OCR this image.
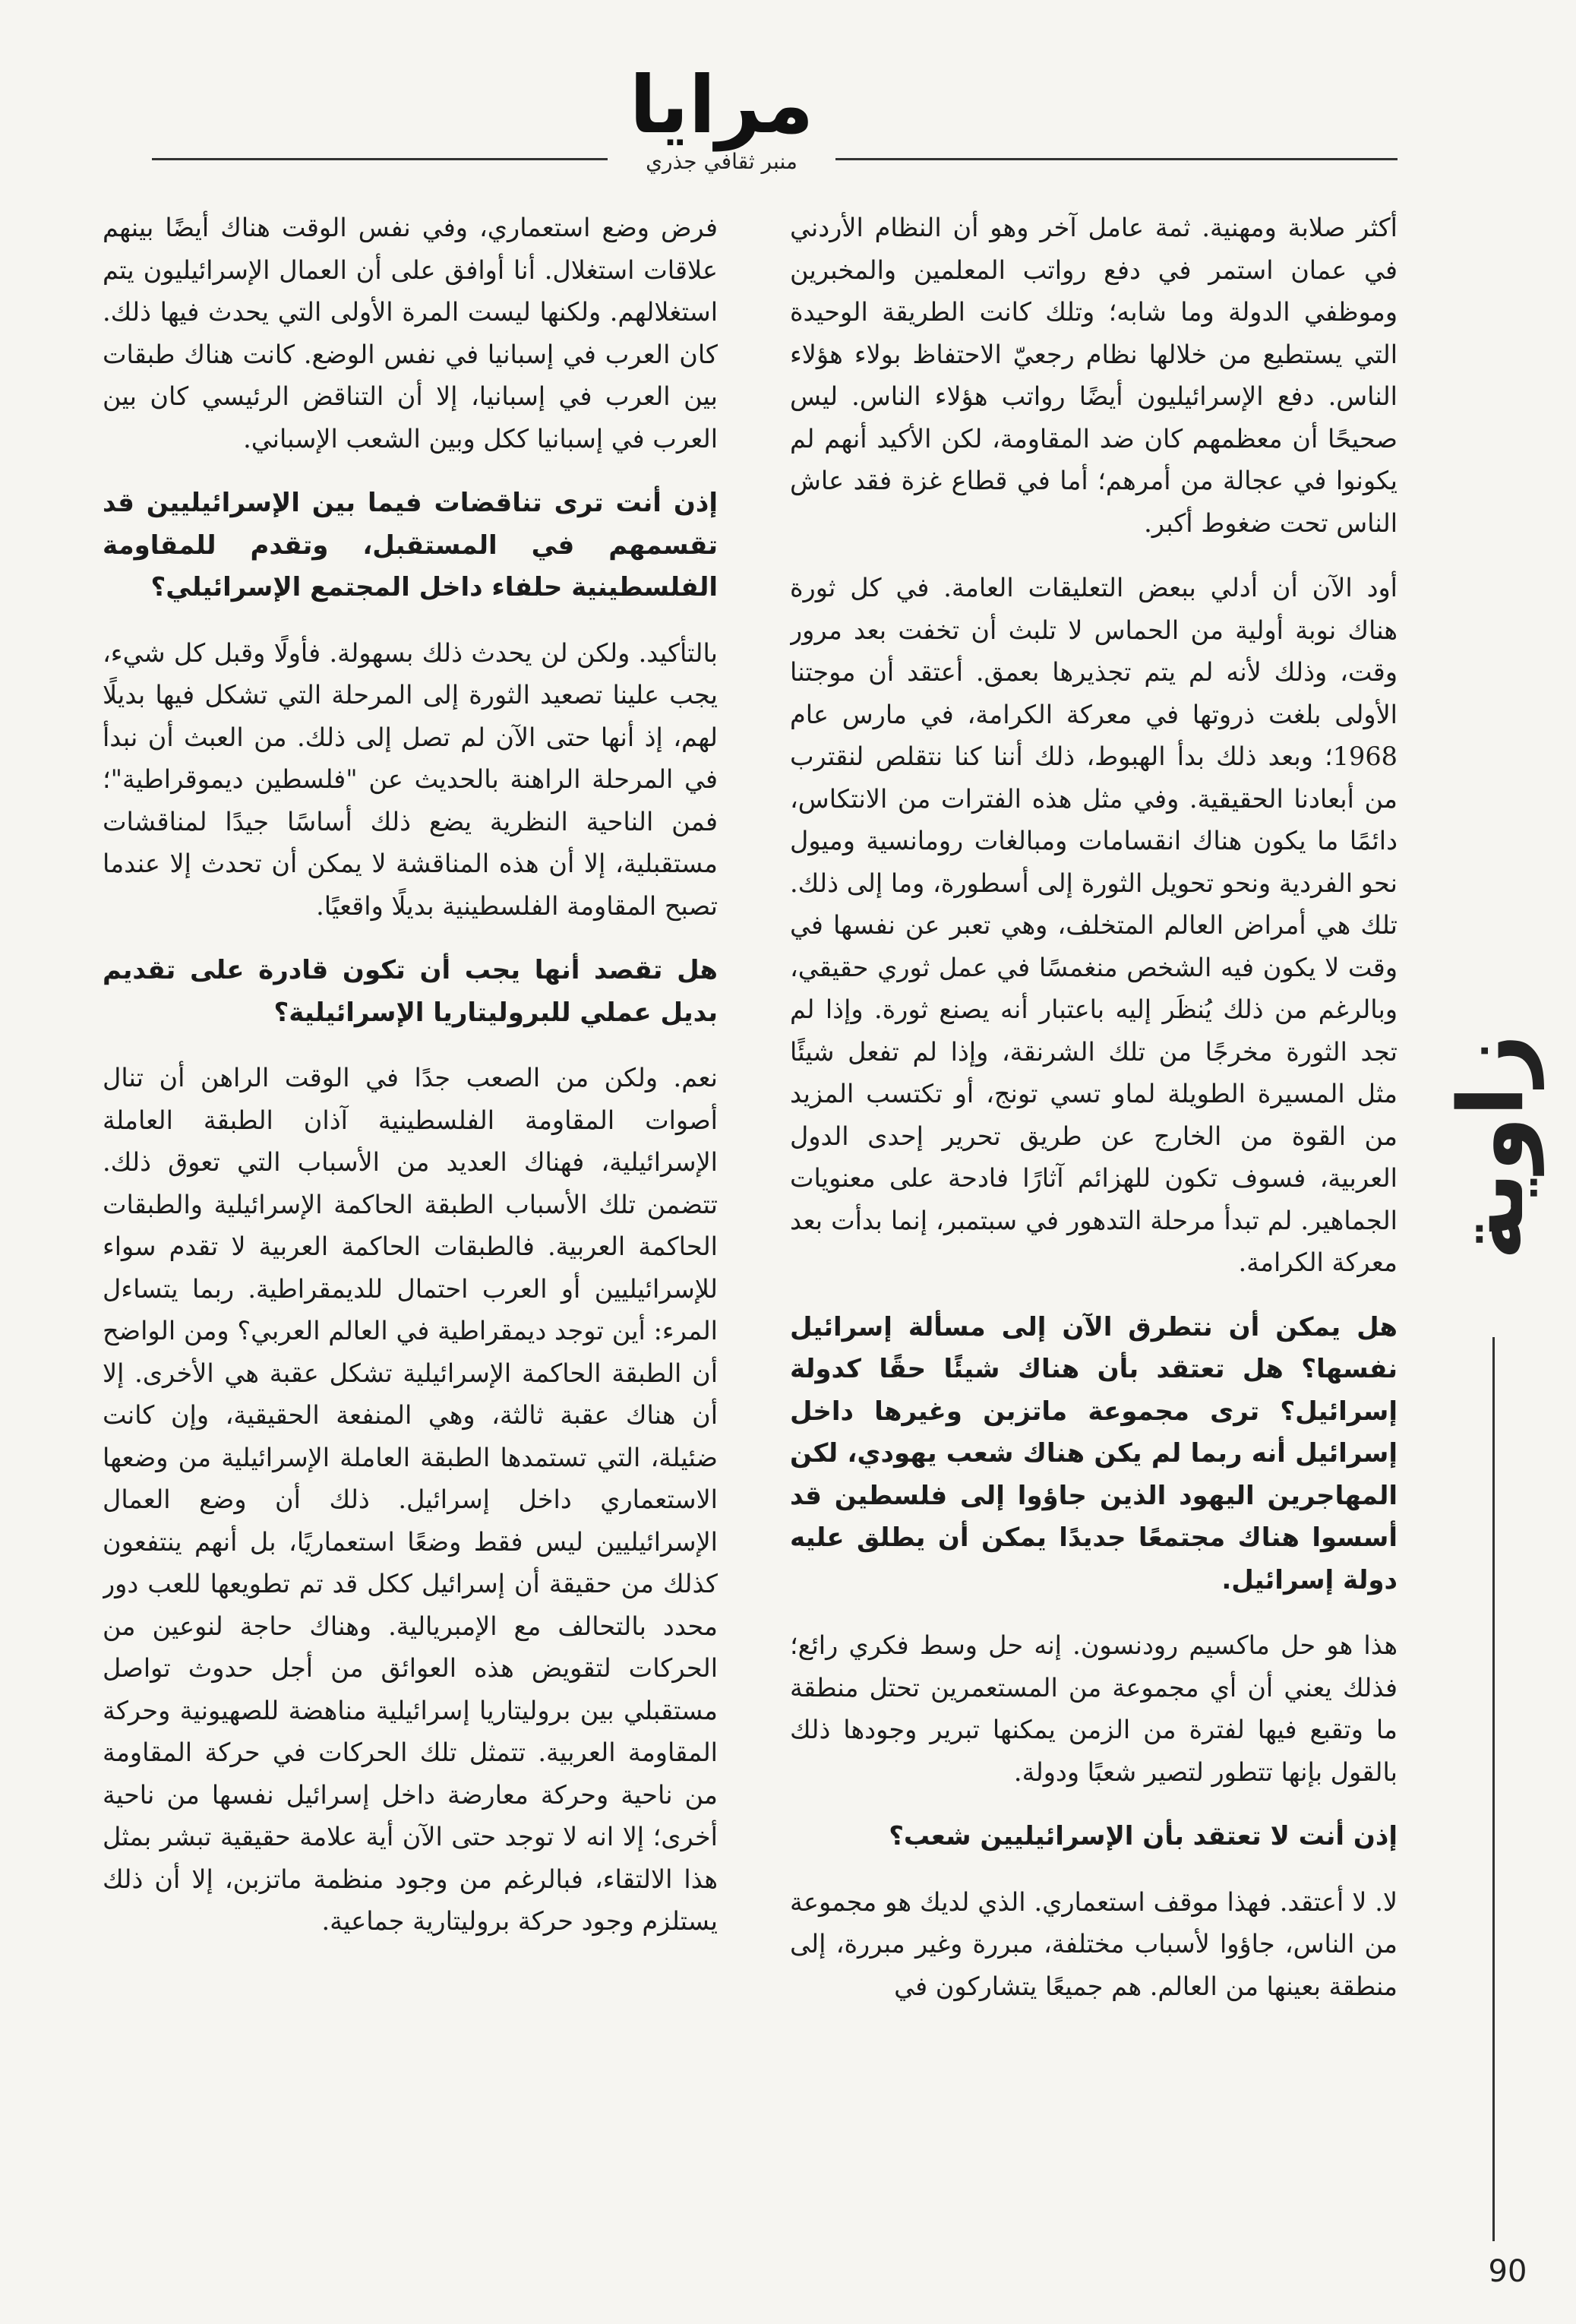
مرايا
منبر ثقافي جذري

أكثر صلابة ومهنية. ثمة عامل آخر وهو أن النظام الأردني في عمان استمر في دفع رواتب المعلمين والمخبرين وموظفي الدولة وما شابه؛ وتلك كانت الطريقة الوحيدة التي يستطيع من خلالها نظام رجعيّ الاحتفاظ بولاء هؤلاء الناس. دفع الإسرائيليون أيضًا رواتب هؤلاء الناس. ليس صحيحًا أن معظمهم كان ضد المقاومة، لكن الأكيد أنهم لم يكونوا في عجالة من أمرهم؛ أما في قطاع غزة فقد عاش الناس تحت ضغوط أكبر.

أود الآن أن أدلي ببعض التعليقات العامة. في كل ثورة هناك نوبة أولية من الحماس لا تلبث أن تخفت بعد مرور وقت، وذلك لأنه لم يتم تجذيرها بعمق. أعتقد أن موجتنا الأولى بلغت ذروتها في معركة الكرامة، في مارس عام 1968؛ وبعد ذلك بدأ الهبوط، ذلك أننا كنا نتقلص لنقترب من أبعادنا الحقيقية. وفي مثل هذه الفترات من الانتكاس، دائمًا ما يكون هناك انقسامات ومبالغات رومانسية وميول نحو الفردية ونحو تحويل الثورة إلى أسطورة، وما إلى ذلك. تلك هي أمراض العالم المتخلف، وهي تعبر عن نفسها في وقت لا يكون فيه الشخص منغمسًا في عمل ثوري حقيقي، وبالرغم من ذلك يُنظَر إليه باعتبار أنه يصنع ثورة. وإذا لم تجد الثورة مخرجًا من تلك الشرنقة، وإذا لم تفعل شيئًا مثل المسيرة الطويلة لماو تسي تونج، أو تكتسب المزيد من القوة من الخارج عن طريق تحرير إحدى الدول العربية، فسوف تكون للهزائم آثارًا فادحة على معنويات الجماهير. لم تبدأ مرحلة التدهور في سبتمبر، إنما بدأت بعد معركة الكرامة.

هل يمكن أن نتطرق الآن إلى مسألة إسرائيل نفسها؟ هل تعتقد بأن هناك شيئًا حقًا كدولة إسرائيل؟ ترى مجموعة ماتزبن وغيرها داخل إسرائيل أنه ربما لم يكن هناك شعب يهودي، لكن المهاجرين اليهود الذين جاؤوا إلى فلسطين قد أسسوا هناك مجتمعًا جديدًا يمكن أن يطلق عليه دولة إسرائيل.

هذا هو حل ماكسيم رودنسون. إنه حل وسط فكري رائع؛ فذلك يعني أن أي مجموعة من المستعمرين تحتل منطقة ما وتقبع فيها لفترة من الزمن يمكنها تبرير وجودها ذلك بالقول بإنها تتطور لتصير شعبًا ودولة.

إذن أنت لا تعتقد بأن الإسرائيليين شعب؟

لا. لا أعتقد. فهذا موقف استعماري. الذي لديك هو مجموعة من الناس، جاؤوا لأسباب مختلفة، مبررة وغير مبررة، إلى منطقة بعينها من العالم. هم جميعًا يتشاركون في

فرض وضع استعماري، وفي نفس الوقت هناك أيضًا بينهم علاقات استغلال. أنا أوافق على أن العمال الإسرائيليون يتم استغلالهم. ولكنها ليست المرة الأولى التي يحدث فيها ذلك. كان العرب في إسبانيا في نفس الوضع. كانت هناك طبقات بين العرب في إسبانيا، إلا أن التناقض الرئيسي كان بين العرب في إسبانيا ككل وبين الشعب الإسباني.

إذن أنت ترى تناقضات فيما بين الإسرائيليين قد تقسمهم في المستقبل، وتقدم للمقاومة الفلسطينية حلفاء داخل المجتمع الإسرائيلي؟

بالتأكيد. ولكن لن يحدث ذلك بسهولة. فأولًا وقبل كل شيء، يجب علينا تصعيد الثورة إلى المرحلة التي تشكل فيها بديلًا لهم، إذ أنها حتى الآن لم تصل إلى ذلك. من العبث أن نبدأ في المرحلة الراهنة بالحديث عن "فلسطين ديموقراطية"؛ فمن الناحية النظرية يضع ذلك أساسًا جيدًا لمناقشات مستقبلية، إلا أن هذه المناقشة لا يمكن أن تحدث إلا عندما تصبح المقاومة الفلسطينية بديلًا واقعيًا.

هل تقصد أنها يجب أن تكون قادرة على تقديم بديل عملي للبروليتاريا الإسرائيلية؟

نعم. ولكن من الصعب جدًا في الوقت الراهن أن تنال أصوات المقاومة الفلسطينية آذان الطبقة العاملة الإسرائيلية، فهناك العديد من الأسباب التي تعوق ذلك. تتضمن تلك الأسباب الطبقة الحاكمة الإسرائيلية والطبقات الحاكمة العربية. فالطبقات الحاكمة العربية لا تقدم سواء للإسرائيليين أو العرب احتمال للديمقراطية. ربما يتساءل المرء: أين توجد ديمقراطية في العالم العربي؟ ومن الواضح أن الطبقة الحاكمة الإسرائيلية تشكل عقبة هي الأخرى. إلا أن هناك عقبة ثالثة، وهي المنفعة الحقيقية، وإن كانت ضئيلة، التي تستمدها الطبقة العاملة الإسرائيلية من وضعها الاستعماري داخل إسرائيل. ذلك أن وضع العمال الإسرائيليين ليس فقط وضعًا استعماريًا، بل أنهم ينتفعون كذلك من حقيقة أن إسرائيل ككل قد تم تطويعها للعب دور محدد بالتحالف مع الإمبريالية. وهناك حاجة لنوعين من الحركات لتقويض هذه العوائق من أجل حدوث تواصل مستقبلي بين بروليتاريا إسرائيلية مناهضة للصهيونية وحركة المقاومة العربية. تتمثل تلك الحركات في حركة المقاومة من ناحية وحركة معارضة داخل إسرائيل نفسها من ناحية أخرى؛ إلا انه لا توجد حتى الآن أية علامة حقيقية تبشر بمثل هذا الالتقاء، فبالرغم من وجود منظمة ماتزبن، إلا أن ذلك يستلزم وجود حركة بروليتارية جماعية.

زاوية
90
